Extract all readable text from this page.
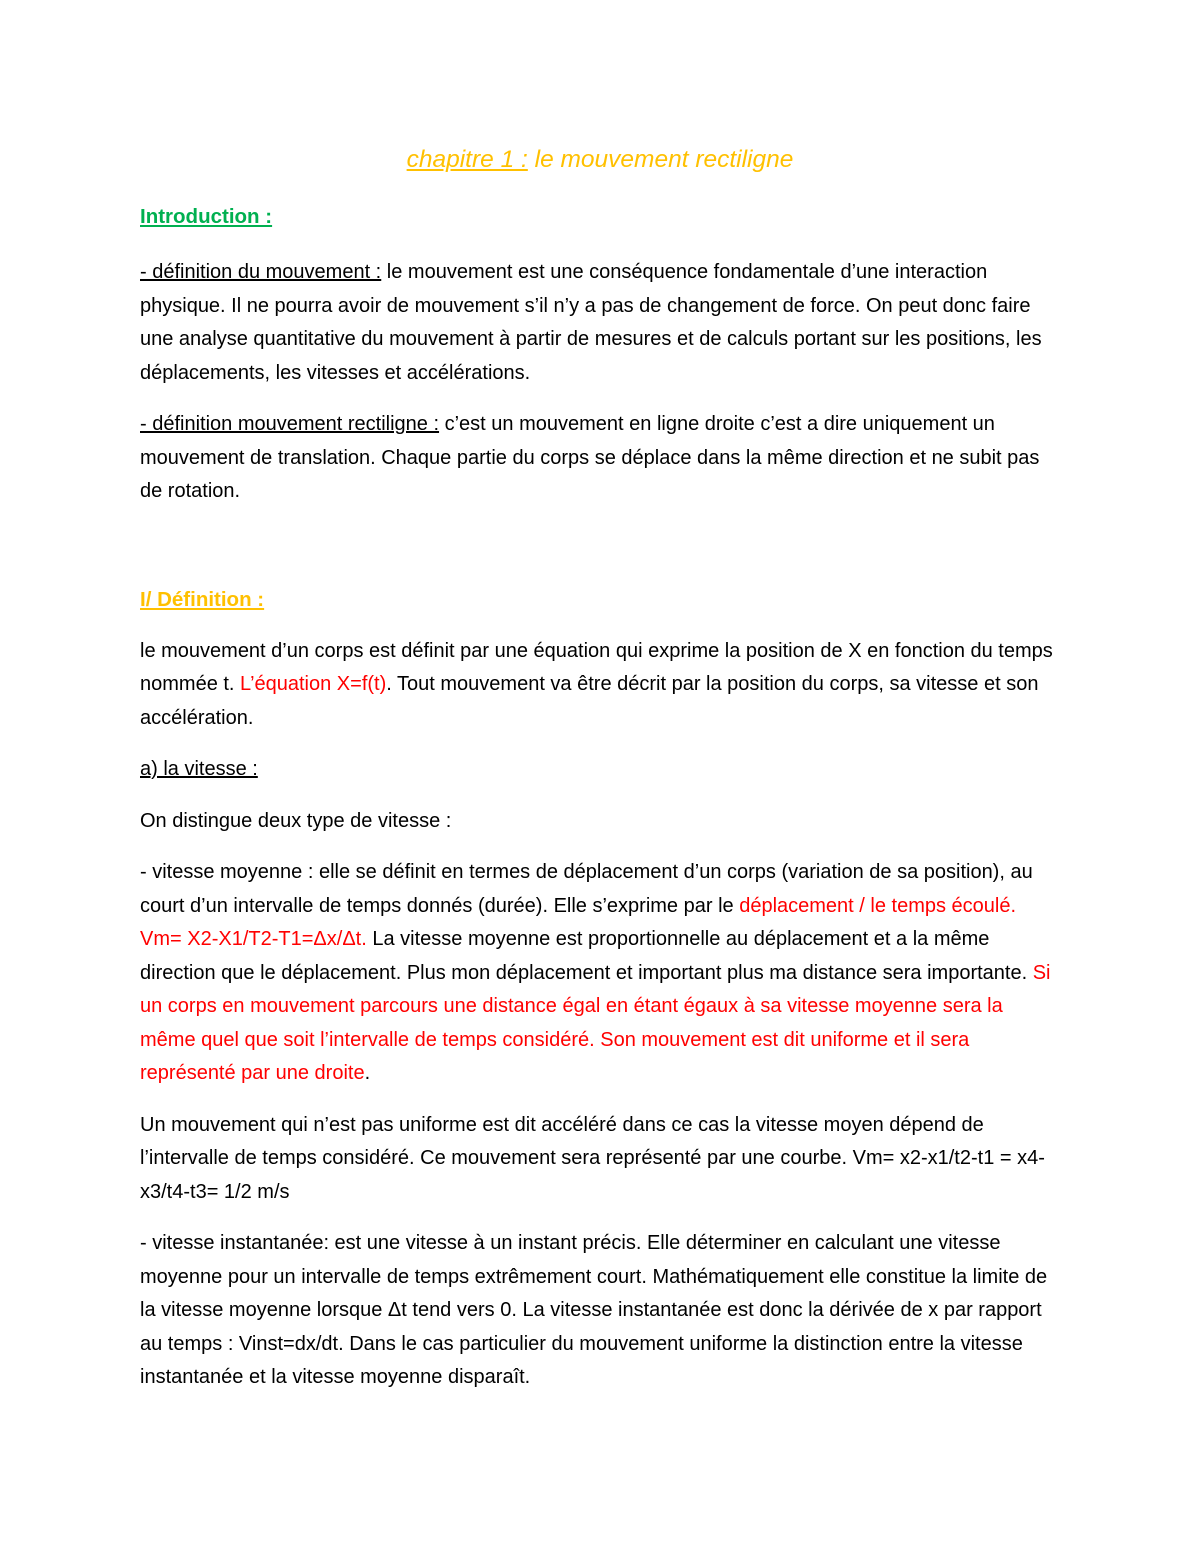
chapitre 1 : le mouvement rectiligne
Introduction :

- définition du mouvement : le mouvement est une conséquence fondamentale d’une interaction physique. Il ne pourra avoir de mouvement s’il n’y a pas de changement de force. On peut donc faire une analyse quantitative du mouvement à partir de mesures et de calculs portant sur les positions, les déplacements, les vitesses et accélérations.

- définition mouvement rectiligne : c’est un mouvement en ligne droite c’est a dire uniquement un mouvement de translation. Chaque partie du corps se déplace dans la même direction et ne subit pas de rotation.

I/ Définition :

le mouvement d’un corps est définit par une équation qui exprime la position de X en fonction du temps nommée t. L’équation X=f(t). Tout mouvement va être décrit par la position du corps, sa vitesse et son accélération.

a) la vitesse :

On distingue deux type de vitesse :

- vitesse moyenne : elle se définit en termes de déplacement d’un corps (variation de sa position), au court d’un intervalle de temps donnés (durée). Elle s’exprime par le déplacement / le temps écoulé. Vm= X2-X1/T2-T1=Δx/Δt. La vitesse moyenne est proportionnelle au déplacement et a la même direction que le déplacement. Plus mon déplacement et important plus ma distance sera importante. Si un corps en mouvement parcours une distance égal en étant égaux à sa vitesse moyenne sera la même quel que soit l’intervalle de temps considéré. Son mouvement est dit uniforme et il sera représenté par une droite.

Un mouvement qui n’est pas uniforme est dit accéléré dans ce cas la vitesse moyen dépend de l’intervalle de temps considéré. Ce mouvement sera représenté par une courbe. Vm= x2-x1/t2-t1 = x4-x3/t4-t3= 1/2 m/s

- vitesse instantanée: est une vitesse à un instant précis. Elle déterminer en calculant une vitesse moyenne pour un intervalle de temps extrêmement court. Mathématiquement elle constitue la limite de la vitesse moyenne lorsque Δt tend vers 0. La vitesse instantanée est donc la dérivée de x par rapport au temps : Vinst=dx/dt. Dans le cas particulier du mouvement uniforme la distinction entre la vitesse instantanée et la vitesse moyenne disparaît.
